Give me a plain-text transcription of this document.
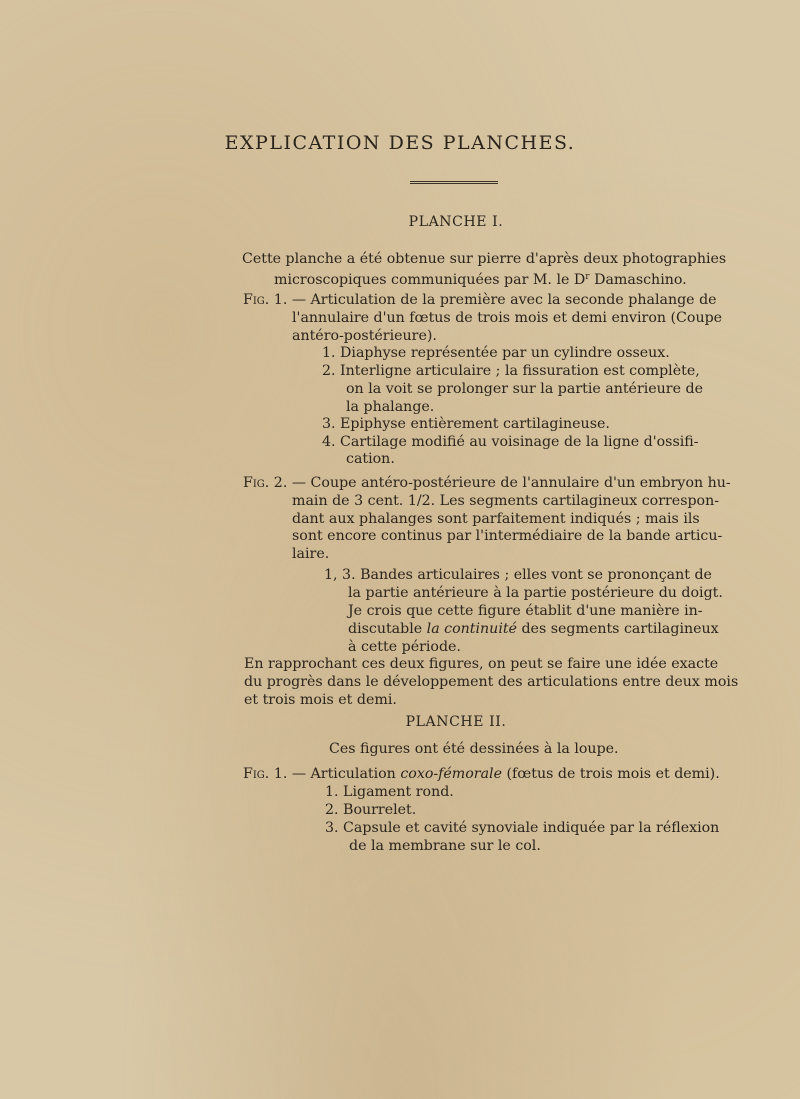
EXPLICATION DES PLANCHES.
PLANCHE I.
Cette planche a été obtenue sur pierre d'après deux photographies
microscopiques communiquées par M. le $D^r$ Damaschino.
Fig. 1. — Articulation de la première avec la seconde phalange de
l'annulaire d'un fœtus de trois mois et demi environ (Coupe
antéro-postérieure).
1. Diaphyse représentée par un cylindre osseux.
2. Interligne articulaire ; la fissuration est complète,
on la voit se prolonger sur la partie antérieure de
la phalange.
3. Epiphyse entièrement cartilagineuse.
4. Cartilage modifié au voisinage de la ligne d'ossifi-
cation.
Fig. 2. — Coupe antéro-postérieure de l'annulaire d'un embryon hu-
main de 3 cent. 1/2. Les segments cartilagineux correspon-
dant aux phalanges sont parfaitement indiqués ; mais ils
sont encore continus par l'intermédiaire de la bande articu-
laire.
1, 3. Bandes articulaires ; elles vont se prononçant de
la partie antérieure à la partie postérieure du doigt.
Je crois que cette figure établit d'une manière in-
discutable la continuité des segments cartilagineux
à cette période.
En rapprochant ces deux figures, on peut se faire une idée exacte
du progrès dans le développement des articulations entre deux mois
et trois mois et demi.
PLANCHE II.
Ces figures ont été dessinées à la loupe.
Fig. 1. — Articulation coxo-fémorale (fœtus de trois mois et demi).
1. Ligament rond.
2. Bourrelet.
3. Capsule et cavité synoviale indiquée par la réflexion
de la membrane sur le col.
